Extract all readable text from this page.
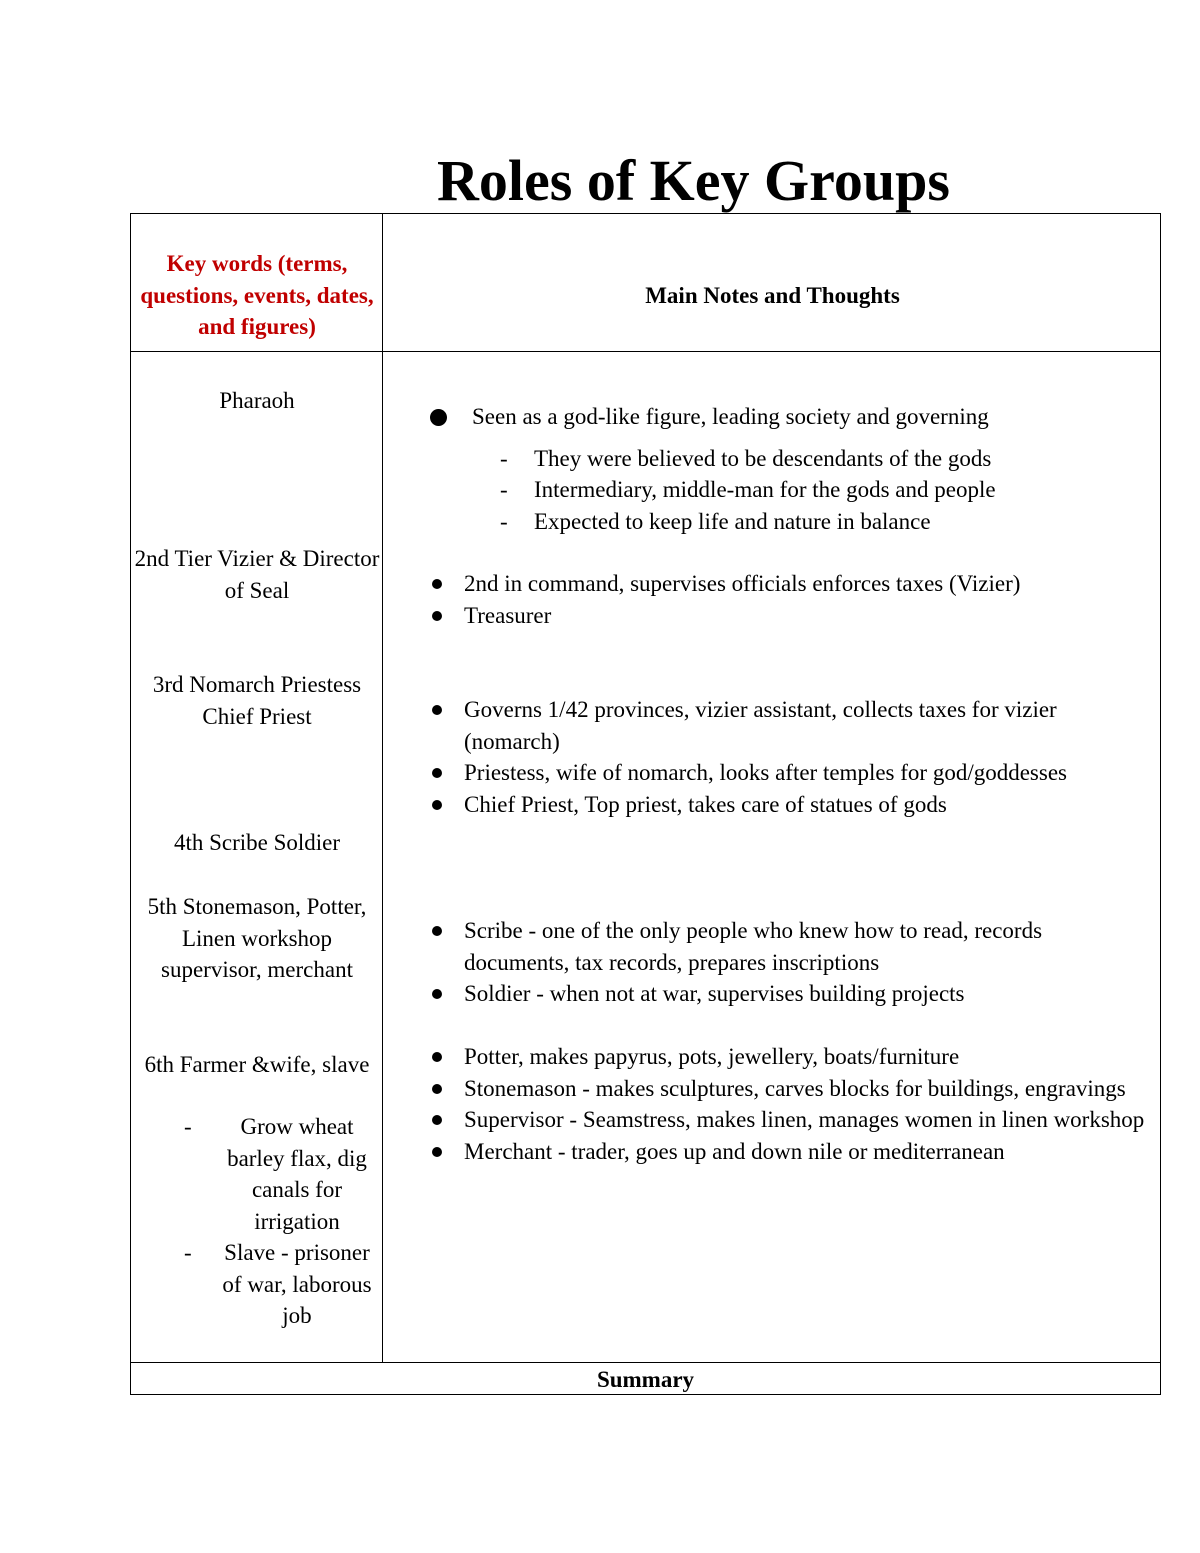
Roles of Key Groups
Key words (terms, questions, events, dates, and figures)
Main Notes and Thoughts
Pharaoh
2nd Tier Vizier & Director of Seal
3rd Nomarch Priestess Chief Priest
4th Scribe Soldier
5th Stonemason, Potter, Linen workshop supervisor, merchant
6th Farmer &wife, slave
- Grow wheat barley flax, dig canals for irrigation
- Slave - prisoner of war, laborous job
Seen as a god-like figure, leading society and governing
- They were believed to be descendants of the gods
- Intermediary, middle-man for the gods and people
- Expected to keep life and nature in balance
2nd in command, supervises officials enforces taxes (Vizier)
Treasurer
Governs 1/42 provinces, vizier assistant, collects taxes for vizier (nomarch)
Priestess, wife of nomarch, looks after temples for god/goddesses
Chief Priest, Top priest, takes care of statues of gods
Scribe - one of the only people who knew how to read, records documents, tax records, prepares inscriptions
Soldier - when not at war, supervises building projects
Potter, makes papyrus, pots, jewellery, boats/furniture
Stonemason - makes sculptures, carves blocks for buildings, engravings
Supervisor - Seamstress, makes linen, manages women in linen workshop
Merchant - trader, goes up and down nile or mediterranean
Summary
